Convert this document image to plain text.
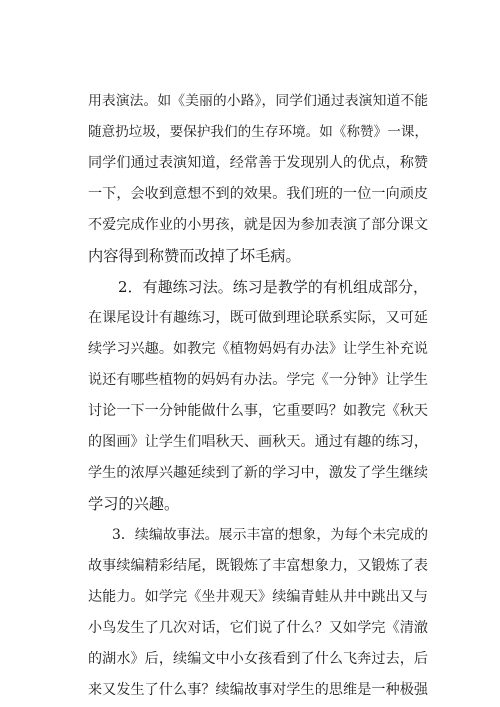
用表演法。如《美丽的小路》，同学们通过表演知道不能
随意扔垃圾，要保护我们的生存环境。如《称赞》一课，
同学们通过表演知道，经常善于发现别人的优点，称赞
一下，会收到意想不到的效果。我们班的一位一向顽皮
不爱完成作业的小男孩，就是因为参加表演了部分课文
内容得到称赞而改掉了坏毛病。
2．有趣练习法。练习是教学的有机组成部分，
在课尾设计有趣练习，既可做到理论联系实际，又可延
续学习兴趣。如教完《植物妈妈有办法》让学生补充说
说还有哪些植物的妈妈有办法。学完《一分钟》让学生
讨论一下一分钟能做什么事，它重要吗？如教完《秋天
的图画》让学生们唱秋天、画秋天。通过有趣的练习，
学生的浓厚兴趣延续到了新的学习中，激发了学生继续
学习的兴趣。
3．续编故事法。展示丰富的想象，为每个未完成的
故事续编精彩结尾，既锻炼了丰富想象力，又锻炼了表
达能力。如学完《坐井观天》续编青蛙从井中跳出又与
小鸟发生了几次对话，它们说了什么？又如学完《清澈
的湖水》后，续编文中小女孩看到了什么飞奔过去，后
来又发生了什么事？续编故事对学生的思维是一种极强
